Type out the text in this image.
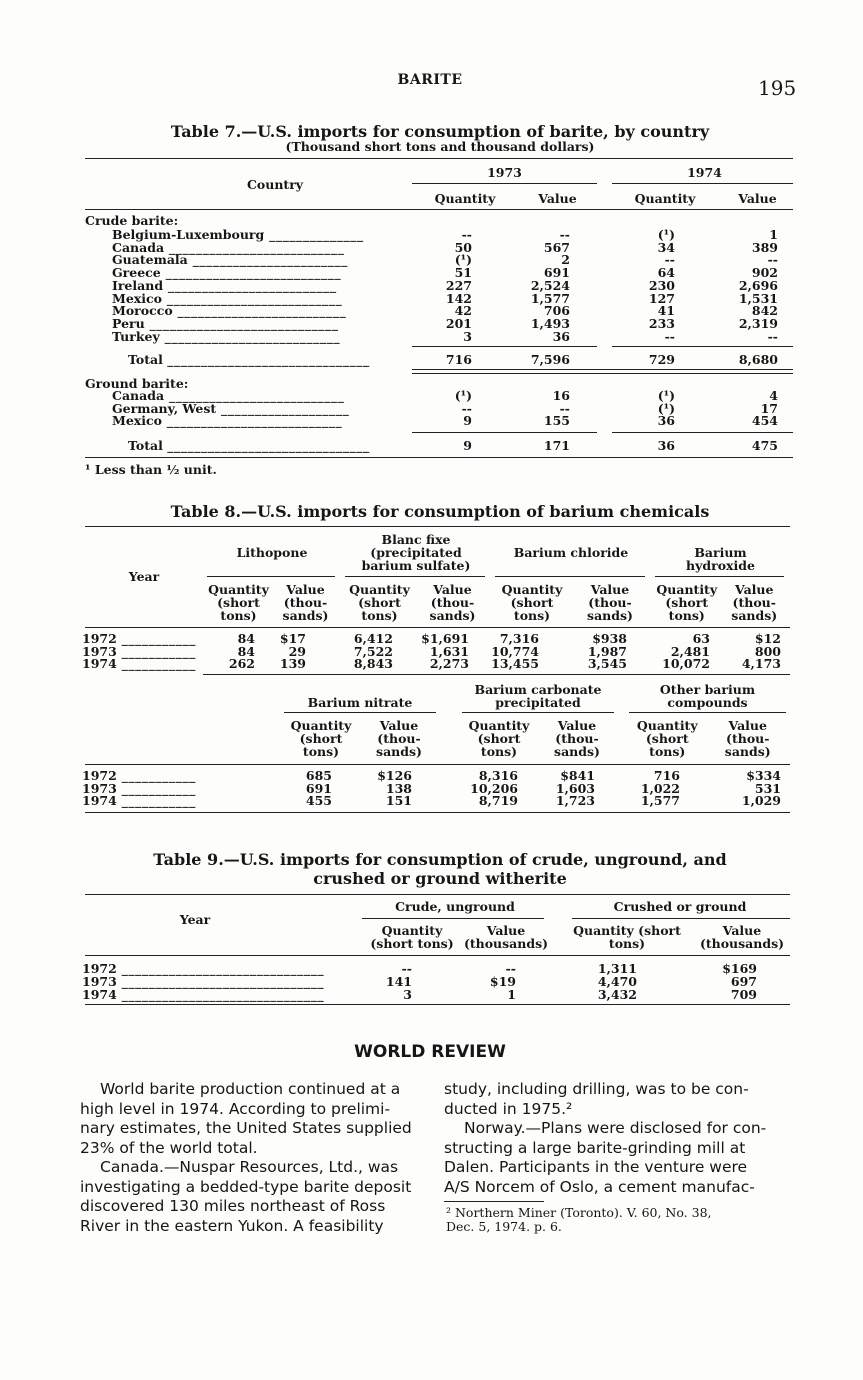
BARITE	195
Table 7.—U.S. imports for consumption of barite, by country
(Thousand short tons and thousand dollars)
Country
1973	1974
Quantity	Value	Quantity	Value
Crude barite:
Belgium-Luxembourg ______________	--	--	(¹)	1
Canada __________________________	50	567	34	389
Guatemala _______________________	(¹)	2	--	--
Greece __________________________	51	691	64	902
Ireland _________________________	227	2,524	230	2,696
Mexico __________________________	142	1,577	127	1,531
Morocco _________________________	42	706	41	842
Peru ____________________________	201	1,493	233	2,319
Turkey __________________________	3	36	--	--
Total ______________________________	716	7,596	729	8,680
Ground barite:
Canada __________________________	(¹)	16	(¹)	4
Germany, West ___________________	--	--	(¹)	17
Mexico __________________________	9	155	36	454
Total ______________________________	9	171	36	475
¹ Less than ½ unit.
Table 8.—U.S. imports for consumption of barium chemicals
Year
Lithopone
Quantity (short tons)
Value (thou- sands)
Blanc fixe (precipitated barium sulfate)
Quantity (short tons)
Value (thou- sands)
Barium chloride
Quantity (short tons)
Value (thou- sands)
Barium hydroxide
Quantity (short tons)
Value (thou- sands)
1972 ___________	84	$17	6,412	$1,691	7,316	$938	63	$12
1973 ___________	84	29	7,522	1,631	10,774	1,987	2,481	800
1974 ___________	262	139	8,843	2,273	13,455	3,545	10,072	4,173
Barium nitrate
Quantity (short tons)
Value (thou- sands)
Barium carbonate precipitated
Quantity (short tons)
Value (thou- sands)
Other barium compounds
Quantity (short tons)
Value (thou- sands)
1972 ___________	685	$126	8,316	$841	716	$334
1973 ___________	691	138	10,206	1,603	1,022	531
1974 ___________	455	151	8,719	1,723	1,577	1,029
Table 9.—U.S. imports for consumption of crude, unground, and
crushed or ground witherite
Year
Crude, unground	Crushed or ground
Quantity (short tons)
Value (thousands)
Quantity (short tons)
Value (thousands)
1972 ______________________________	--	--	1,311	$169
1973 ______________________________	141	$19	4,470	697
1974 ______________________________	3	1	3,432	709
WORLD REVIEW
World barite production continued at a
high level in 1974. According to prelimi-
nary estimates, the United States supplied
23% of the world total.
Canada.—Nuspar Resources, Ltd., was
investigating a bedded-type barite deposit
discovered 130 miles northeast of Ross
River in the eastern Yukon. A feasibility
study, including drilling, was to be con-
ducted in 1975.²
Norway.—Plans were disclosed for con-
structing a large barite-grinding mill at
Dalen. Participants in the venture were
A/S Norcem of Oslo, a cement manufac-
² Northern Miner (Toronto). V. 60, No. 38,
Dec. 5, 1974. p. 6.
